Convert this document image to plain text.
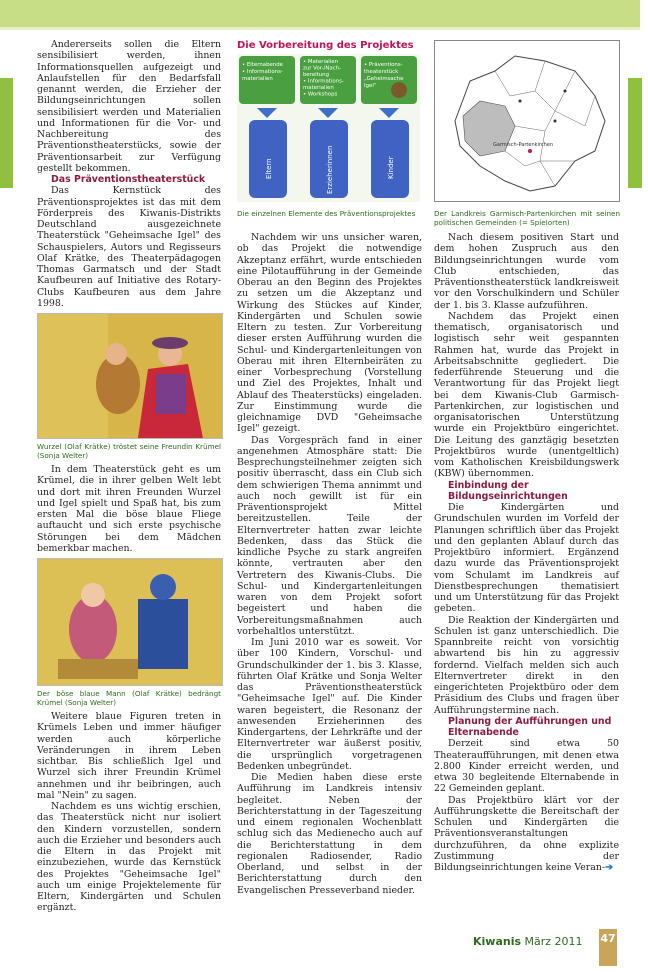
Andererseits sollen die Eltern sensibilisiert werden, ihnen Informationsquellen aufgezeigt und Anlaufstellen für den Bedarfsfall genannt werden, die Erzieher der Bildungseinrichtungen sollen sensibilisiert werden und Materialien und Informationen für die Vor- und Nachbereitung des Präventionstheaterstücks, sowie der Präventionsarbeit zur Verfügung gestellt bekommen.

Das Präventionstheaterstück

Das Kernstück des Präventionsprojektes ist das mit dem Förderpreis des Kiwanis-Distrikts Deutschland ausgezeichnete Theaterstück "Geheimsache Igel" des Schauspielers, Autors und Regisseurs Olaf Krätke, des Theaterpädagogen Thomas Garmatsch und der Stadt Kaufbeuren auf Initiative des Rotary-Clubs Kaufbeuren aus dem Jahre 1998.

Wurzel (Olaf Krätke) tröstet seine Freundin Krümel (Sonja Welter)

In dem Theaterstück geht es um Krümel, die in ihrer gelben Welt lebt und dort mit ihren Freunden Wurzel und Igel spielt und Spaß hat, bis zum ersten Mal die böse blaue Fliege auftaucht und sich erste psychische Störungen bei dem Mädchen bemerkbar machen.

Der böse blaue Mann (Olaf Krätke) bedrängt Krümel (Sonja Welter)

Weitere blaue Figuren treten in Krümels Leben und immer häufiger werden auch körperliche Veränderungen in ihrem Leben sichtbar. Bis schließlich Igel und Wurzel sich ihrer Freundin Krümel annehmen und ihr beibringen, auch mal "Nein" zu sagen.

Nachdem es uns wichtig erschien, das Theaterstück nicht nur isoliert den Kindern vorzustellen, sondern auch die Erzieher und besonders auch die Eltern in das Projekt mit einzubeziehen, wurde das Kernstück des Projektes "Geheimsache Igel" auch um einige Projektelemente für Eltern, Kindergärten und Schulen ergänzt.

Die Vorbereitung des Projektes
• Elternabende • Informations- materialien • Materialien zur Vor-/Nach- bereitung • Informations- materialien • Workshops • Präventions- theaterstück „Geheimsache Igel“
Eltern	Erzieherinnen	Kinder
Die einzelnen Elemente des Präventionsprojektes
Garmisch-Partenkirchen
Der Landkreis Garmisch-Partenkirchen mit seinen politischen Gemeinden (= Spielorten)

Nachdem wir uns unsicher waren, ob das Projekt die notwendige Akzeptanz erfährt, wurde entschieden eine Pilotaufführung in der Gemeinde Oberau an den Beginn des Projektes zu setzen um die Akzeptanz und Wirkung des Stückes auf Kinder, Kindergärten und Schulen sowie Eltern zu testen. Zur Vorbereitung dieser ersten Aufführung wurden die Schul- und Kindergartenleitungen von Oberau mit ihren Elternbeiräten zu einer Vorbesprechung (Vorstellung und Ziel des Projektes, Inhalt und Ablauf des Theaterstücks) eingeladen. Zur Einstimmung wurde die gleichnamige DVD "Geheimsache Igel" gezeigt.

Das Vorgespräch fand in einer angenehmen Atmosphäre statt: Die Besprechungsteilnehmer zeigten sich positiv überrascht, dass ein Club sich dem schwierigen Thema annimmt und auch noch gewillt ist für ein Präventionsprojekt Mittel bereitzustellen. Teile der Elternvertreter hatten zwar leichte Bedenken, dass das Stück die kindliche Psyche zu stark angreifen könnte, vertrauten aber den Vertretern des Kiwanis-Clubs. Die Schul- und Kindergartenleitungen waren von dem Projekt sofort begeistert und haben die Vorbereitungsmaßnahmen auch vorbehaltlos unterstützt.

Im Juni 2010 war es soweit. Vor über 100 Kindern, Vorschul- und Grundschulkinder der 1. bis 3. Klasse, führten Olaf Krätke und Sonja Welter das Präventionstheaterstück "Geheimsache Igel" auf. Die Kinder waren begeistert, die Resonanz der anwesenden Erzieherinnen des Kindergartens, der Lehrkräfte und der Elternvertreter war äußerst positiv, die ursprünglich vorgetragenen Bedenken unbegründet.

Die Medien haben diese erste Aufführung im Landkreis intensiv begleitet. Neben der Berichterstattung in der Tageszeitung und einem regionalen Wochenblatt schlug sich das Medienecho auch auf die Berichterstattung in dem regionalen Radiosender, Radio Oberland, und selbst in der Berichterstattung durch den Evangelischen Presseverband nieder.

Nach diesem positiven Start und dem hohen Zuspruch aus den Bildungseinrichtungen wurde vom Club entschieden, das Präventionstheaterstück landkreisweit vor den Vorschulkindern und Schüler der 1. bis 3. Klasse aufzuführen.

Nachdem das Projekt einen thematisch, organisatorisch und logistisch sehr weit gespannten Rahmen hat, wurde das Projekt in Arbeitsabschnitte gegliedert. Die federführende Steuerung und die Verantwortung für das Projekt liegt bei dem Kiwanis-Club Garmisch-Partenkirchen, zur logistischen und organisatorischen Unterstützung wurde ein Projektbüro eingerichtet. Die Leitung des ganztägig besetzten Projektbüros wurde (unentgeltlich) vom Katholischen Kreisbildungswerk (KBW) übernommen.

Einbindung der Bildungseinrichtungen

Die Kindergärten und Grundschulen wurden im Vorfeld der Planungen schriftlich über das Projekt und den geplanten Ablauf durch das Projektbüro informiert. Ergänzend dazu wurde das Präventionsprojekt vom Schulamt im Landkreis auf Dienstbesprechungen thematisiert und um Unterstützung für das Projekt gebeten.

Die Reaktion der Kindergärten und Schulen ist ganz unterschiedlich. Die Spannbreite reicht von vorsichtig abwartend bis hin zu aggressiv fordernd. Vielfach melden sich auch Elternvertreter direkt in den eingerichteten Projektbüro oder dem Präsidium des Clubs und fragen über Aufführungstermine nach.

Planung der Aufführungen und Elternabende

Derzeit sind etwa 50 Theateraufführungen, mit denen etwa 2.800 Kinder erreicht werden, und etwa 30 begleitende Elternabende in 22 Gemeinden geplant.

Das Projektbüro klärt vor der Aufführungskette die Bereitschaft der Schulen und Kindergärten die Präventionsveranstaltungen durchzuführen, da ohne explizite Zustimmung der Bildungseinrichtungen keine Veran-➔

Kiwanis März 2011 47
